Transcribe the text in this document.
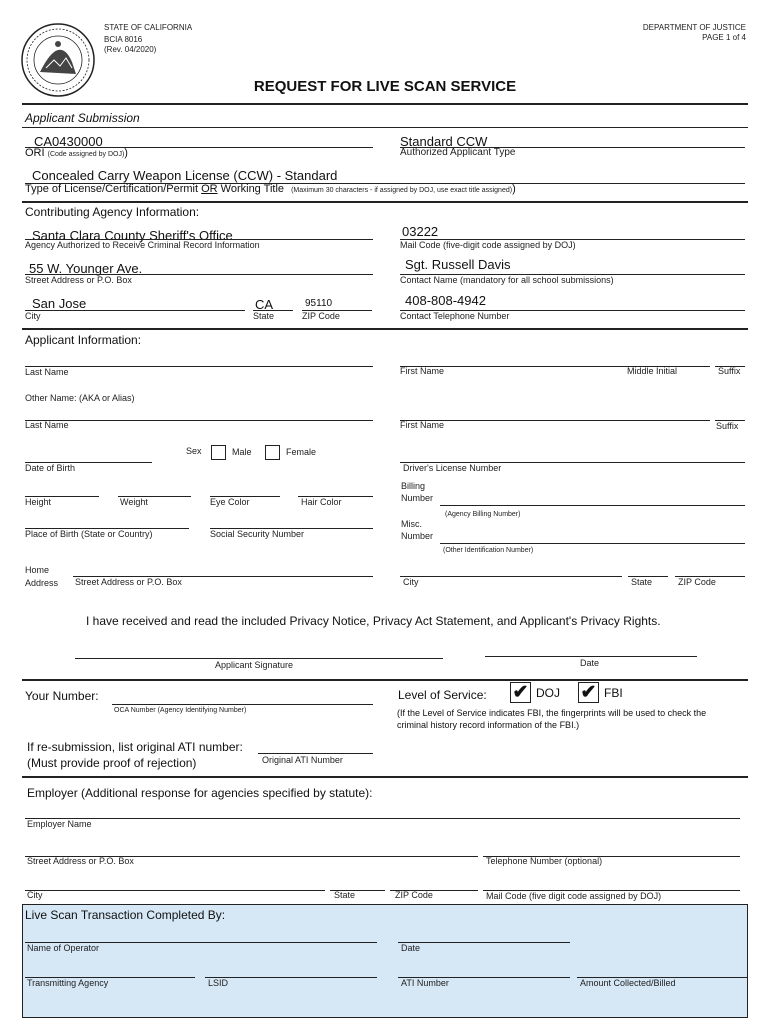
STATE OF CALIFORNIA
BCIA 8016
(Rev. 04/2020)
DEPARTMENT OF JUSTICE
PAGE 1 of 4
REQUEST FOR LIVE SCAN SERVICE
Applicant Submission
CA0430000
ORI (Code assigned by DOJ))
Standard CCW
Authorized Applicant Type
Concealed Carry Weapon License (CCW) - Standard
Type of License/Certification/Permit OR Working Title (Maximum 30 characters - if assigned by DOJ, use exact title assigned))
Contributing Agency Information:
Santa Clara County Sheriff's Office
Agency Authorized to Receive Criminal Record Information
03222
Mail Code (five-digit code assigned by DOJ)
55 W. Younger Ave.
Street Address or P.O. Box
Sgt. Russell Davis
Contact Name (mandatory for all school submissions)
San Jose
City
CA
State
95110
ZIP Code
408-808-4942
Contact Telephone Number
Applicant Information:
Last Name	First Name	Middle Initial	Suffix
Other Name: (AKA or Alias)
Last Name	First Name	Suffix
Sex	Male	Female
Date of Birth	Driver's License Number
Height	Weight	Eye Color	Hair Color
Billing
Number
(Agency Billing Number)
Place of Birth (State or Country)	Social Security Number
Misc.
Number
(Other Identification Number)
Home
Address Street Address or P.O. Box	City	State	ZIP Code
I have received and read the included Privacy Notice, Privacy Act Statement, and Applicant's Privacy Rights.
Applicant Signature	Date
Your Number:
OCA Number (Agency Identifying Number)
Level of Service: ✔ DOJ ✔ FBI
(If the Level of Service indicates FBI, the fingerprints will be used to check the
criminal history record information of the FBI.)
If re-submission, list original ATI number:
(Must provide proof of rejection)	Original ATI Number
Employer (Additional response for agencies specified by statute):
Employer Name
Street Address or P.O. Box	Telephone Number (optional)
City	State	ZIP Code	Mail Code (five digit code assigned by DOJ)
Live Scan Transaction Completed By:
Name of Operator	Date
Transmitting Agency	LSID	ATI Number	Amount Collected/Billed
